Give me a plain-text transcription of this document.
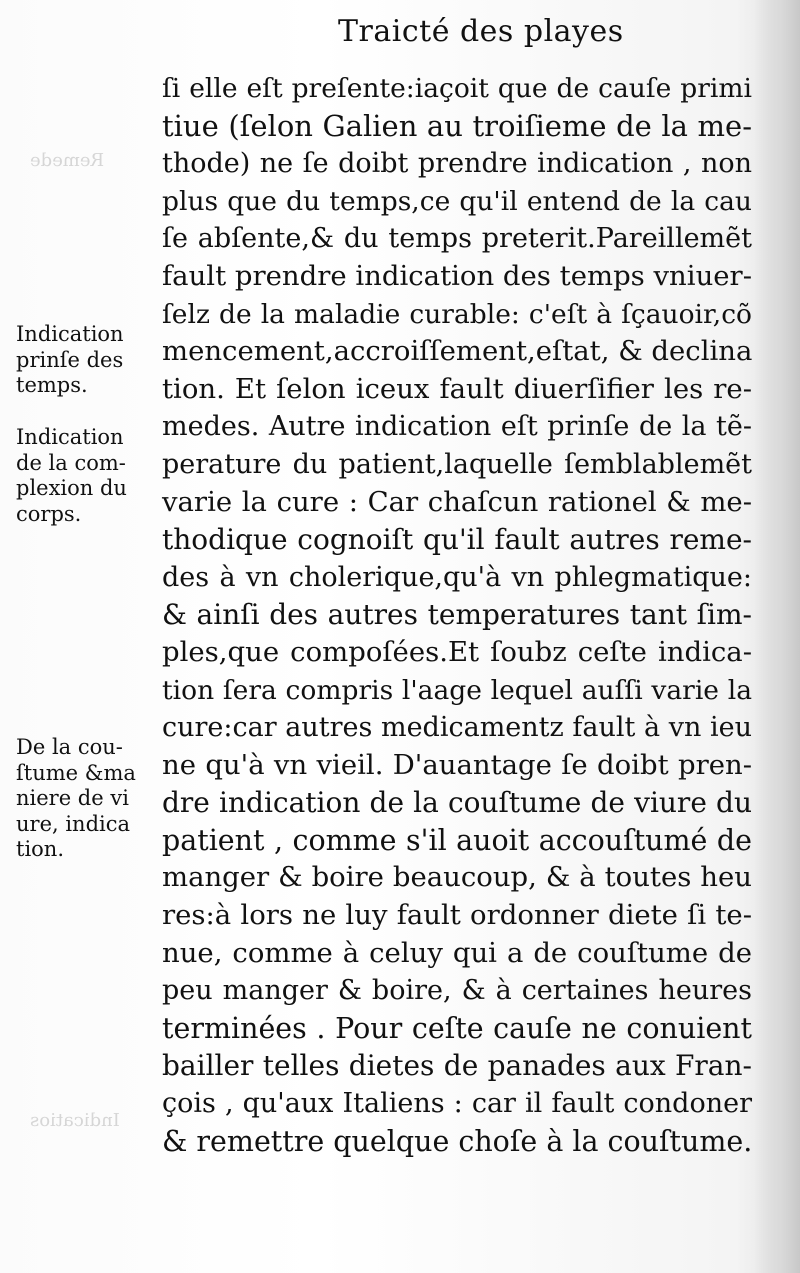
Remede
Indicatios
Traicté des playes
Indication
prinſe des
temps.
Indication
de la com-
plexion du
corps.
De la cou-
ſtume &ma
niere de vi
ure, indica
tion.
ſi elle eſt preſente:iaçoit que de cauſe primi
tiue (ſelon Galien au troiſieme de la me-
thode) ne ſe doibt prendre indication , non
plus que du temps,ce qu'il entend de la cau
ſe abſente,& du temps preterit.Pareillemẽt
fault prendre indication des temps vniuer-
ſelz de la maladie curable: c'eſt à ſçauoir,cõ
mencement,accroiſſement,eſtat, & declina
tion. Et ſelon iceux fault diuerſifier les re-
medes. Autre indication eſt prinſe de la tẽ-
perature du patient,laquelle ſemblablemẽt
varie la cure : Car chaſcun rationel & me-
thodique cognoiſt qu'il fault autres reme-
des à vn cholerique,qu'à vn phlegmatique:
& ainſi des autres temperatures tant ſim-
ples,que compoſées.Et ſoubz ceſte indica-
tion ſera compris l'aage lequel auſſi varie la
cure:car autres medicamentz fault à vn ieu
ne qu'à vn vieil. D'auantage ſe doibt pren-
dre indication de la couſtume de viure du
patient , comme s'il auoit accouſtumé de
manger & boire beaucoup, & à toutes heu
res:à lors ne luy fault ordonner diete ſi te-
nue, comme à celuy qui a de couſtume de
peu manger & boire, & à certaines heures
terminées . Pour ceſte cauſe ne conuient
bailler telles dietes de panades aux Fran-
çois , qu'aux Italiens : car il fault condoner
& remettre quelque choſe à la couſtume.
